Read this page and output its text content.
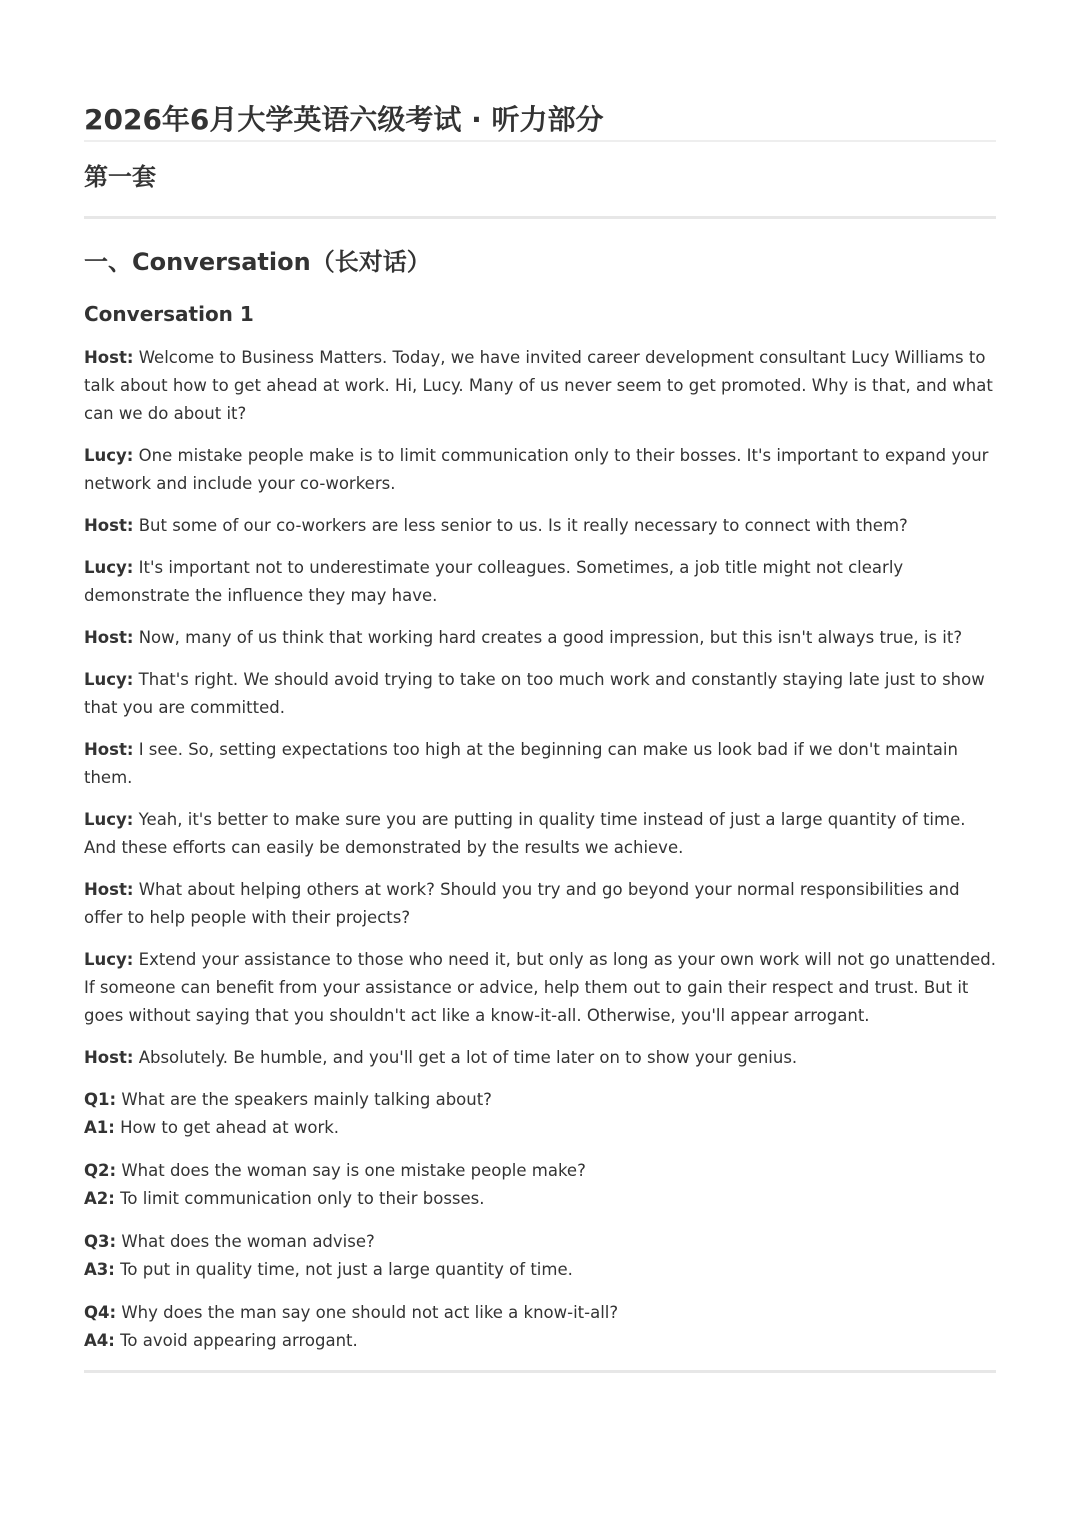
2026年6月大学英语六级考试 · 听力部分
第一套
一、Conversation（长对话）
Conversation 1

Host: Welcome to Business Matters. Today, we have invited career development consultant Lucy Williams to talk about how to get ahead at work. Hi, Lucy. Many of us never seem to get promoted. Why is that, and what can we do about it?

Lucy: One mistake people make is to limit communication only to their bosses. It's important to expand your network and include your co-workers.

Host: But some of our co-workers are less senior to us. Is it really necessary to connect with them?

Lucy: It's important not to underestimate your colleagues. Sometimes, a job title might not clearly demonstrate the influence they may have.

Host: Now, many of us think that working hard creates a good impression, but this isn't always true, is it?

Lucy: That's right. We should avoid trying to take on too much work and constantly staying late just to show that you are committed.

Host: I see. So, setting expectations too high at the beginning can make us look bad if we don't maintain them.

Lucy: Yeah, it's better to make sure you are putting in quality time instead of just a large quantity of time. And these efforts can easily be demonstrated by the results we achieve.

Host: What about helping others at work? Should you try and go beyond your normal responsibilities and offer to help people with their projects?

Lucy: Extend your assistance to those who need it, but only as long as your own work will not go unattended. If someone can benefit from your assistance or advice, help them out to gain their respect and trust. But it goes without saying that you shouldn't act like a know-it-all. Otherwise, you'll appear arrogant.

Host: Absolutely. Be humble, and you'll get a lot of time later on to show your genius.

Q1: What are the speakers mainly talking about?
A1: How to get ahead at work.

Q2: What does the woman say is one mistake people make?
A2: To limit communication only to their bosses.

Q3: What does the woman advise?
A3: To put in quality time, not just a large quantity of time.

Q4: Why does the man say one should not act like a know-it-all?
A4: To avoid appearing arrogant.
